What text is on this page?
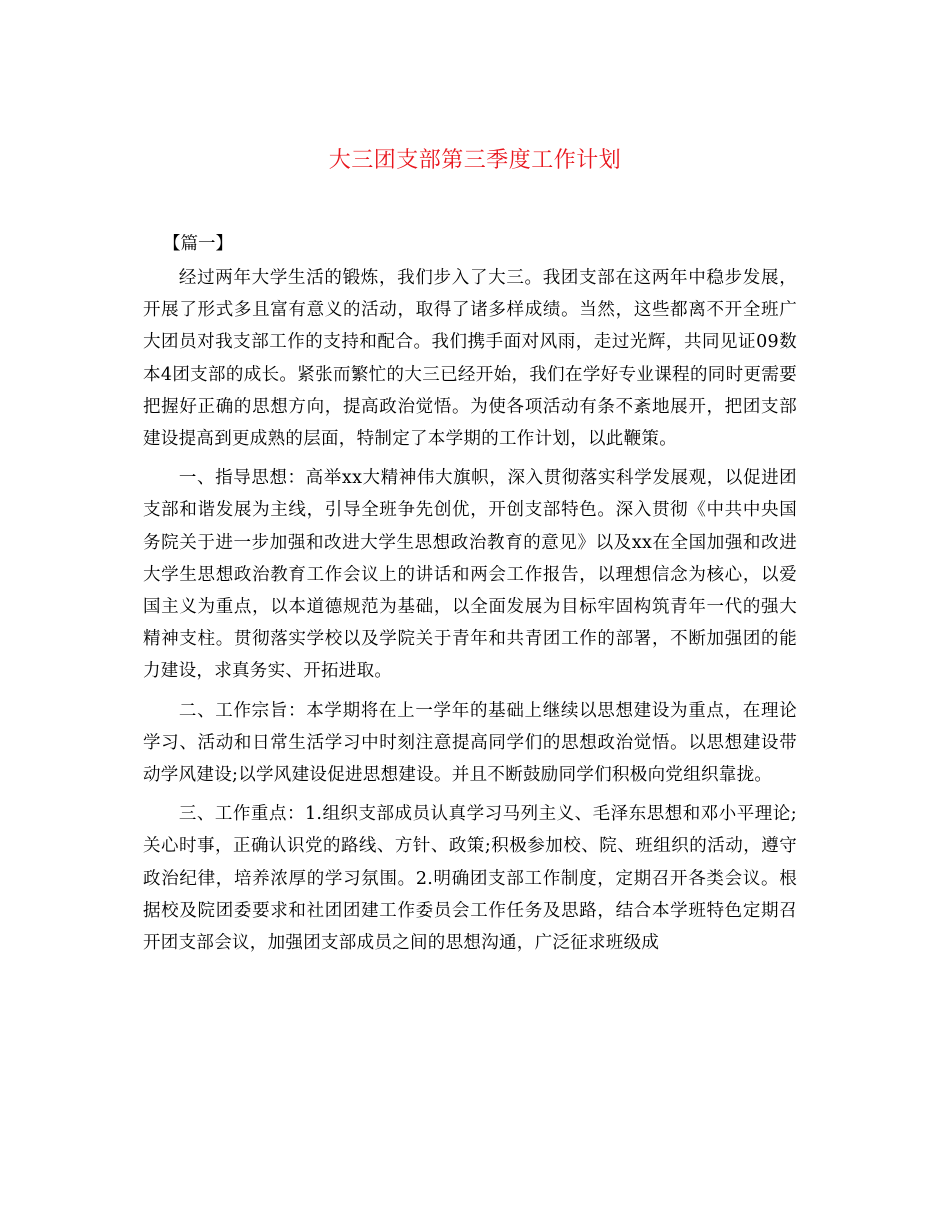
大三团支部第三季度工作计划
【篇一】

经过两年大学生活的锻炼，我们步入了大三。我团支部在这两年中稳步发展，开展了形式多且富有意义的活动，取得了诸多样成绩。当然，这些都离不开全班广大团员对我支部工作的支持和配合。我们携手面对风雨，走过光辉，共同见证09数本4团支部的成长。紧张而繁忙的大三已经开始，我们在学好专业课程的同时更需要把握好正确的思想方向，提高政治觉悟。为使各项活动有条不紊地展开，把团支部建设提高到更成熟的层面，特制定了本学期的工作计划，以此鞭策。

一、指导思想：高举xx大精神伟大旗帜，深入贯彻落实科学发展观，以促进团支部和谐发展为主线，引导全班争先创优，开创支部特色。深入贯彻《中共中央国务院关于进一步加强和改进大学生思想政治教育的意见》以及xx在全国加强和改进大学生思想政治教育工作会议上的讲话和两会工作报告，以理想信念为核心，以爱国主义为重点，以本道德规范为基础，以全面发展为目标牢固构筑青年一代的强大精神支柱。贯彻落实学校以及学院关于青年和共青团工作的部署，不断加强团的能力建设，求真务实、开拓进取。

二、工作宗旨：本学期将在上一学年的基础上继续以思想建设为重点，在理论学习、活动和日常生活学习中时刻注意提高同学们的思想政治觉悟。以思想建设带动学风建设;以学风建设促进思想建设。并且不断鼓励同学们积极向党组织靠拢。

三、工作重点：1.组织支部成员认真学习马列主义、毛泽东思想和邓小平理论;关心时事，正确认识党的路线、方针、政策;积极参加校、院、班组织的活动，遵守政治纪律，培养浓厚的学习氛围。2.明确团支部工作制度，定期召开各类会议。根据校及院团委要求和社团团建工作委员会工作任务及思路，结合本学班特色定期召开团支部会议，加强团支部成员之间的思想沟通，广泛征求班级成
